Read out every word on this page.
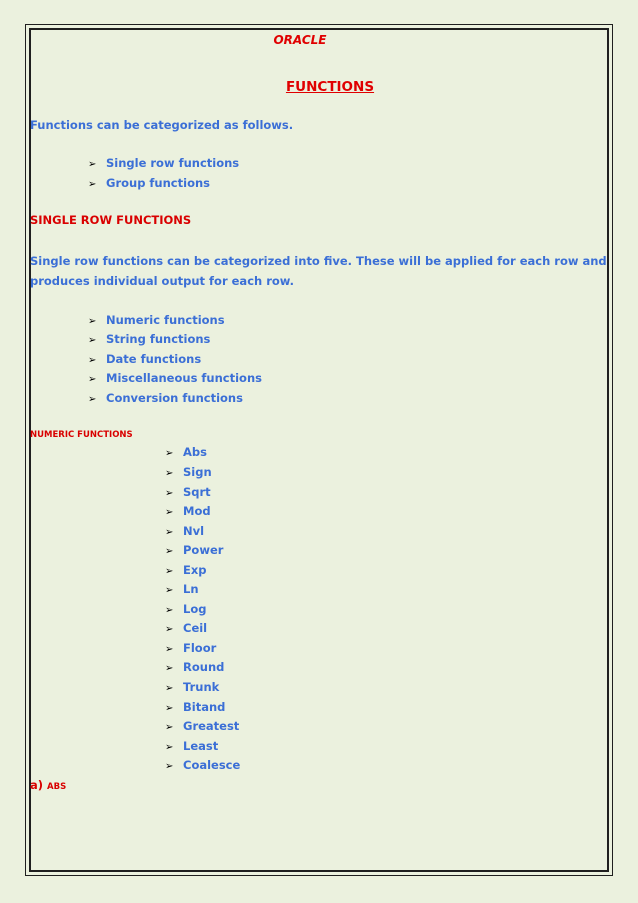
ORACLE
FUNCTIONS
Functions can be categorized as follows.
➢ Single row functions
➢ Group functions
SINGLE ROW FUNCTIONS
Single row functions can be categorized into five. These will be applied for each row and
produces individual output for each row.
➢ Numeric functions
➢ String functions
➢ Date functions
➢ Miscellaneous functions
➢ Conversion functions
NUMERIC FUNCTIONS
➢ Abs
➢ Sign
➢ Sqrt
➢ Mod
➢ Nvl
➢ Power
➢ Exp
➢ Ln
➢ Log
➢ Ceil
➢ Floor
➢ Round
➢ Trunk
➢ Bitand
➢ Greatest
➢ Least
➢ Coalesce
a) ABS
